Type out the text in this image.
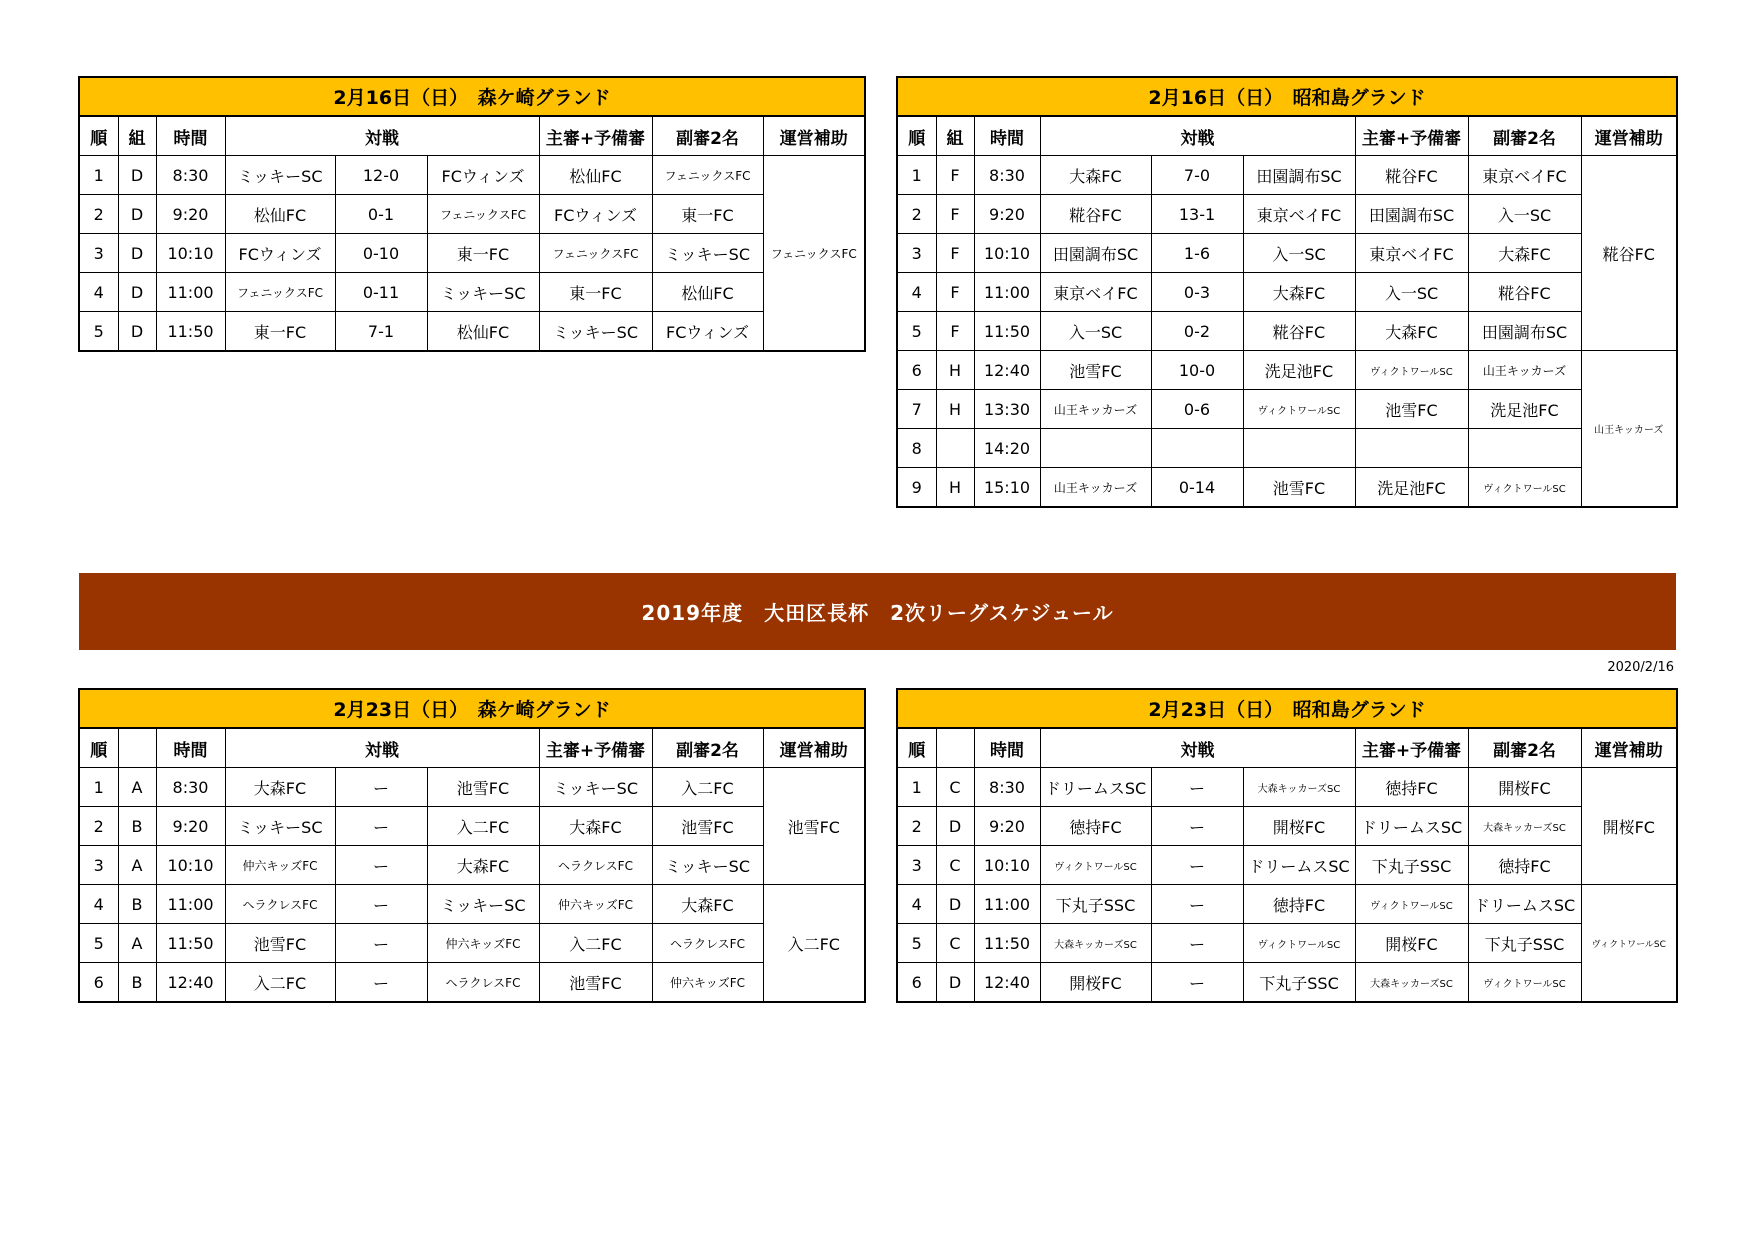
2月16日（日）　森ケ崎グランド								
順	組	時間	対戦			主審+予備審	副審2名	運営補助
1	D	8:30	ミッキーSC	12-0	FCウィンズ	松仙FC	フェニックスFC	フェニックスFC
2	D	9:20	松仙FC	0-1	フェニックスFC	FCウィンズ	東一FC	
3	D	10:10	FCウィンズ	0-10	東一FC	フェニックスFC	ミッキーSC	
4	D	11:00	フェニックスFC	0-11	ミッキーSC	東一FC	松仙FC	
5	D	11:50	東一FC	7-1	松仙FC	ミッキーSC	FCウィンズ	
2月16日（日）　昭和島グランド								
順	組	時間	対戦			主審+予備審	副審2名	運営補助
1	F	8:30	大森FC	7-0	田園調布SC	糀谷FC	東京ベイFC	糀谷FC
2	F	9:20	糀谷FC	13-1	東京ベイFC	田園調布SC	入一SC	
3	F	10:10	田園調布SC	1-6	入一SC	東京ベイFC	大森FC	
4	F	11:00	東京ベイFC	0-3	大森FC	入一SC	糀谷FC	
5	F	11:50	入一SC	0-2	糀谷FC	大森FC	田園調布SC	
6	H	12:40	池雪FC	10-0	洗足池FC	ヴィクトワールSC	山王キッカーズ	山王キッカーズ
7	H	13:30	山王キッカーズ	0-6	ヴィクトワールSC	池雪FC	洗足池FC	
8		14:20						
9	H	15:10	山王キッカーズ	0-14	池雪FC	洗足池FC	ヴィクトワールSC	
2019年度　大田区長杯　2次リーグスケジュール
2020/2/16
2月23日（日）　森ケ崎グランド								
順		時間	対戦			主審+予備審	副審2名	運営補助
1	A	8:30	大森FC	ー	池雪FC	ミッキーSC	入二FC	池雪FC
2	B	9:20	ミッキーSC	ー	入二FC	大森FC	池雪FC	
3	A	10:10	仲六キッズFC	ー	大森FC	ヘラクレスFC	ミッキーSC	
4	B	11:00	ヘラクレスFC	ー	ミッキーSC	仲六キッズFC	大森FC	入二FC
5	A	11:50	池雪FC	ー	仲六キッズFC	入二FC	ヘラクレスFC	
6	B	12:40	入二FC	ー	ヘラクレスFC	池雪FC	仲六キッズFC	
2月23日（日）　昭和島グランド								
順		時間	対戦			主審+予備審	副審2名	運営補助
1	C	8:30	ドリームスSC	ー	大森キッカーズSC	徳持FC	開桜FC	開桜FC
2	D	9:20	徳持FC	ー	開桜FC	ドリームスSC	大森キッカーズSC	
3	C	10:10	ヴィクトワールSC	ー	ドリームスSC	下丸子SSC	徳持FC	
4	D	11:00	下丸子SSC	ー	徳持FC	ヴィクトワールSC	ドリームスSC	ヴィクトワールSC
5	C	11:50	大森キッカーズSC	ー	ヴィクトワールSC	開桜FC	下丸子SSC	
6	D	12:40	開桜FC	ー	下丸子SSC	大森キッカーズSC	ヴィクトワールSC	
